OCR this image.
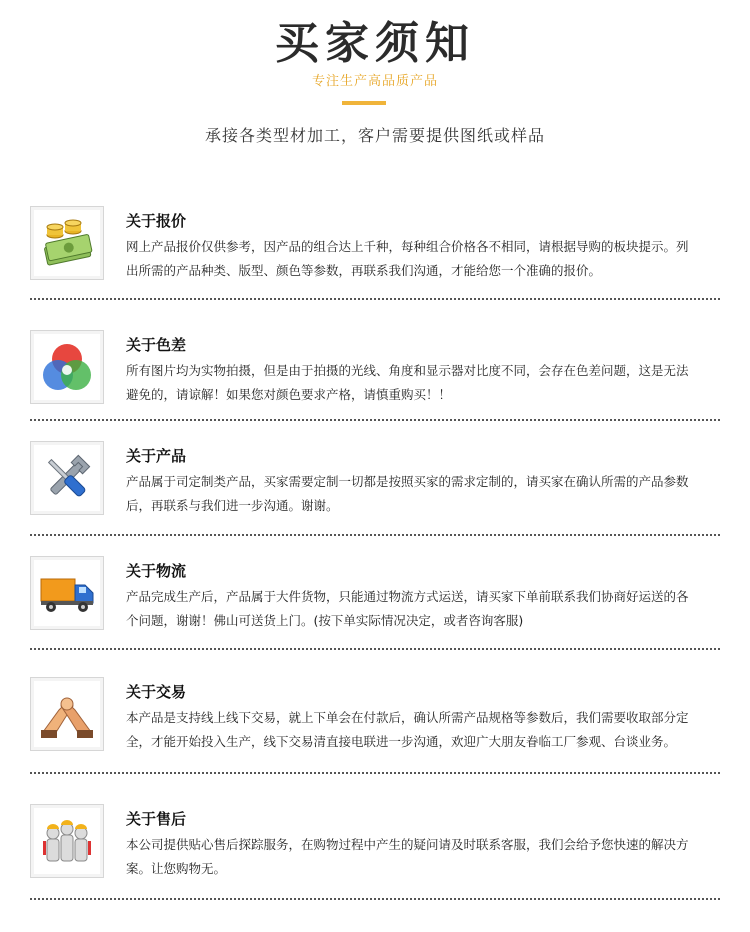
买家须知
专注生产高品质产品
承接各类型材加工，客户需要提供图纸或样品
关于报价
网上产品报价仅供参考，因产品的组合达上千种，每种组合价格各不相同，请根据导购的板块提示。列出所需的产品种类、版型、颜色等参数，再联系我们沟通，才能给您一个准确的报价。
关于色差
所有图片均为实物拍摄，但是由于拍摄的光线、角度和显示器对比度不同，会存在色差问题，这是无法避免的，请谅解！如果您对颜色要求产格，请慎重购买！！
关于产品
产品属于司定制类产品，买家需要定制一切都是按照买家的需求定制的，请买家在确认所需的产品参数后，再联系与我们进一步沟通。谢谢。
关于物流
产品完成生产后，产品属于大件货物，只能通过物流方式运送，请买家下单前联系我们协商好运送的各个问题，谢谢！佛山可送货上门。(按下单实际情况决定，或者咨询客服)
关于交易
本产品是支持线上线下交易，就上下单会在付款后，确认所需产品规格等参数后，我们需要收取部分定全，才能开始投入生产，线下交易清直接电联进一步沟通，欢迎广大朋友眷临工厂参观、台谈业务。
关于售后
本公司提供贴心售后探踪服务，在购物过程中产生的疑问请及时联系客服，我们会给予您快速的解决方案。让您购物无。
